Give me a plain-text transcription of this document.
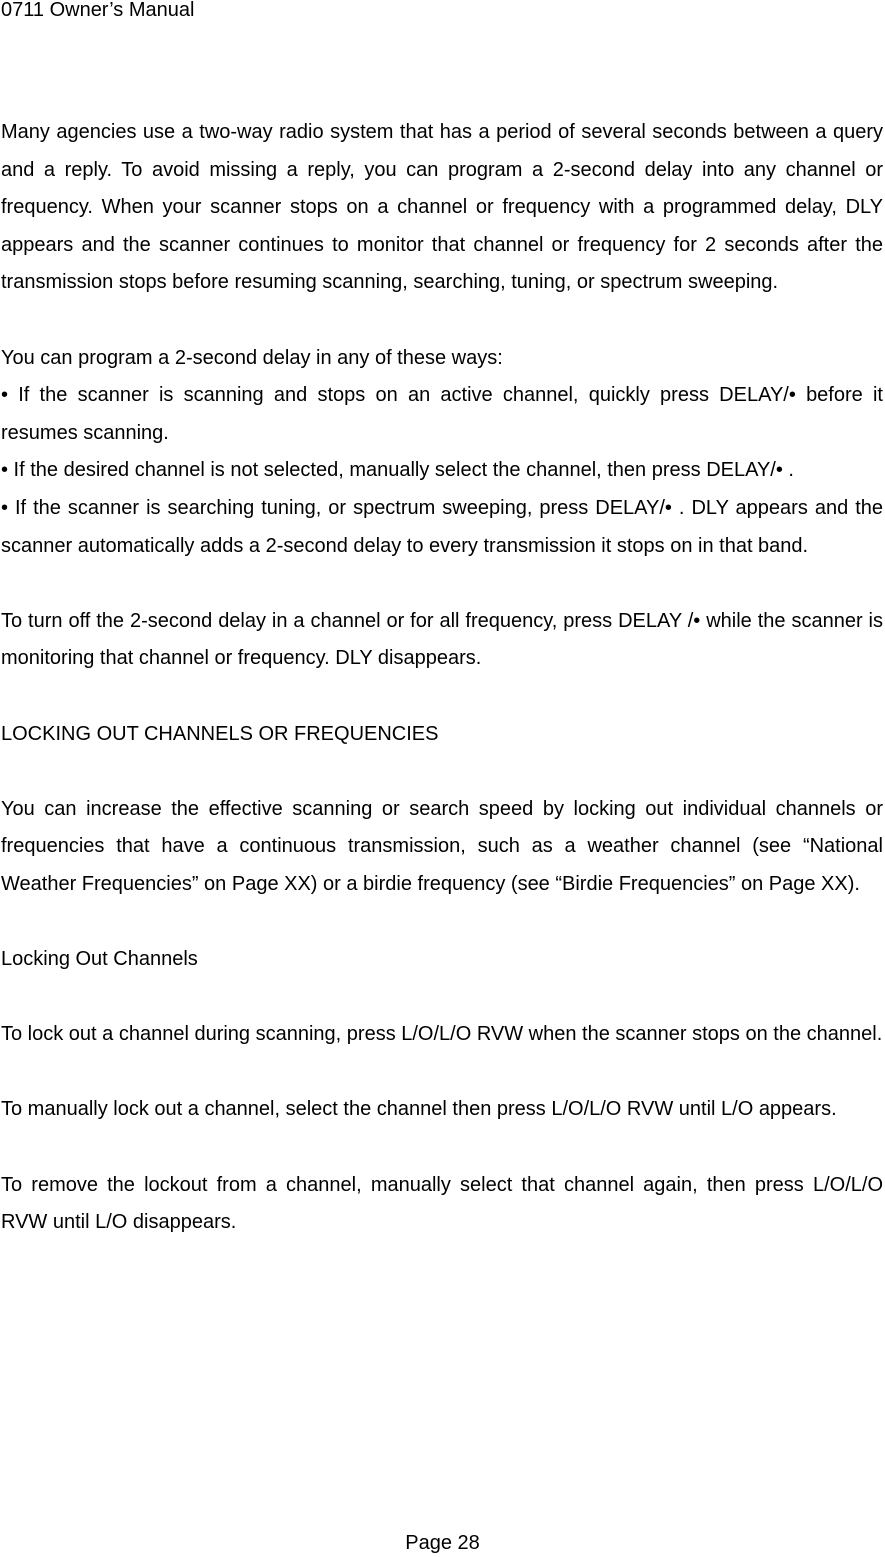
0711 Owner’s Manual

Many agencies use a two-way radio system that has a period of several seconds between a query and a reply. To avoid missing a reply, you can program a 2-second delay into any channel or frequency. When your scanner stops on a channel or frequency with a programmed delay, DLY appears and the scanner continues to monitor that channel or frequency for 2 seconds after the transmission stops before resuming scanning, searching, tuning, or spectrum sweeping.

You can program a 2-second delay in any of these ways:

• If the scanner is scanning and stops on an active channel, quickly press DELAY/• before it resumes scanning.

• If the desired channel is not selected, manually select the channel, then press DELAY/• .

• If the scanner is searching tuning, or spectrum sweeping, press DELAY/• . DLY appears and the scanner automatically adds a 2-second delay to every transmission it stops on in that band.

To turn off the 2-second delay in a channel or for all frequency, press DELAY /• while the scanner is monitoring that channel or frequency. DLY disappears.

LOCKING OUT CHANNELS OR FREQUENCIES

You can increase the effective scanning or search speed by locking out individual channels or frequencies that have a continuous transmission, such as a weather channel (see “National Weather Frequencies” on Page XX) or a birdie frequency (see “Birdie Frequencies” on Page XX).

Locking Out Channels

To lock out a channel during scanning, press L/O/L/O RVW when the scanner stops on the channel.

To manually lock out a channel, select the channel then press L/O/L/O RVW until L/O appears.

To remove the lockout from a channel, manually select that channel again, then press L/O/L/O RVW until L/O disappears.

Page 28
